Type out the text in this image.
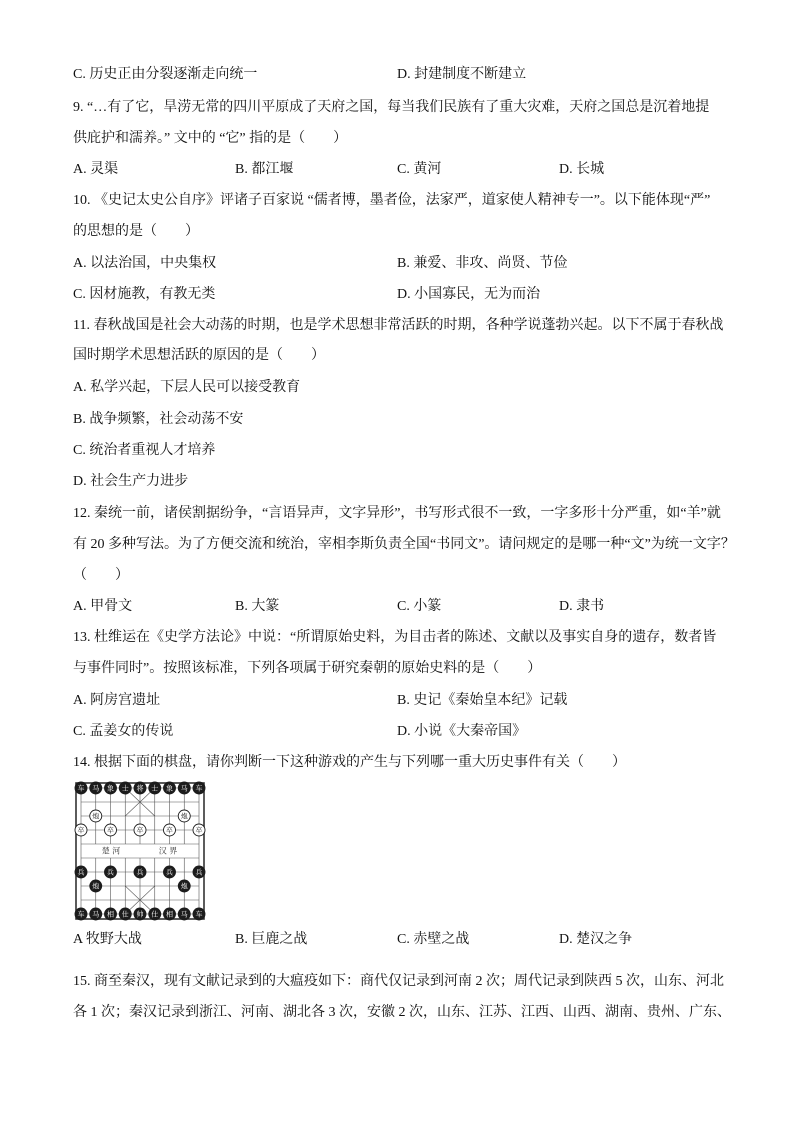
C. 历史正由分裂逐渐走向统一	D. 封建制度不断建立
9. “…有了它，旱涝无常的四川平原成了天府之国，每当我们民族有了重大灾难，天府之国总是沉着地提
供庇护和濡养。” 文中的 “它” 指的是（　　）
A. 灵渠	B. 都江堰	C. 黄河	D. 长城
10. 《史记太史公自序》评诸子百家说 “儒者博，墨者俭，法家严，道家使人精神专一”。以下能体现“严”
的思想的是（　　）
A. 以法治国，中央集权	B. 兼爱、非攻、尚贤、节俭
C. 因材施教，有教无类	D. 小国寡民，无为而治
11. 春秋战国是社会大动荡的时期，也是学术思想非常活跃的时期，各种学说蓬勃兴起。以下不属于春秋战
国时期学术思想活跃的原因的是（　　）
A. 私学兴起，下层人民可以接受教育
B. 战争频繁，社会动荡不安
C. 统治者重视人才培养
D. 社会生产力进步
12. 秦统一前，诸侯割据纷争，“言语异声，文字异形”，书写形式很不一致，一字多形十分严重，如“羊”就
有 20 多种写法。为了方便交流和统治，宰相李斯负责全国“书同文”。请问规定的是哪一种“文”为统一文字？
（　　）
A. 甲骨文	B. 大篆	C. 小篆	D. 隶书
13. 杜维运在《史学方法论》中说：“所谓原始史料，为目击者的陈述、文献以及事实自身的遗存，数者皆
与事件同时”。按照该标准，下列各项属于研究秦朝的原始史料的是（　　）
A. 阿房宫遗址	B. 史记《秦始皇本纪》记载
C. 孟姜女的传说	D. 小说《大秦帝国》
14. 根据下面的棋盘，请你判断一下这种游戏的产生与下列哪一重大历史事件有关（　　）
楚 河	汉 界
车 马 象 士 将 士 象 马 车
炮	炮
卒	卒	卒	卒	卒
兵	兵	兵	兵	兵
炮	炮
车 马 相 仕 帅 仕 相 马 车
A 牧野大战	B. 巨鹿之战	C. 赤壁之战	D. 楚汉之争
15. 商至秦汉，现有文献记录到的大瘟疫如下：商代仅记录到河南 2 次；周代记录到陕西 5 次，山东、河北
各 1 次；秦汉记录到浙江、河南、湖北各 3 次，安徽 2 次，山东、江苏、江西、山西、湖南、贵州、广东、
